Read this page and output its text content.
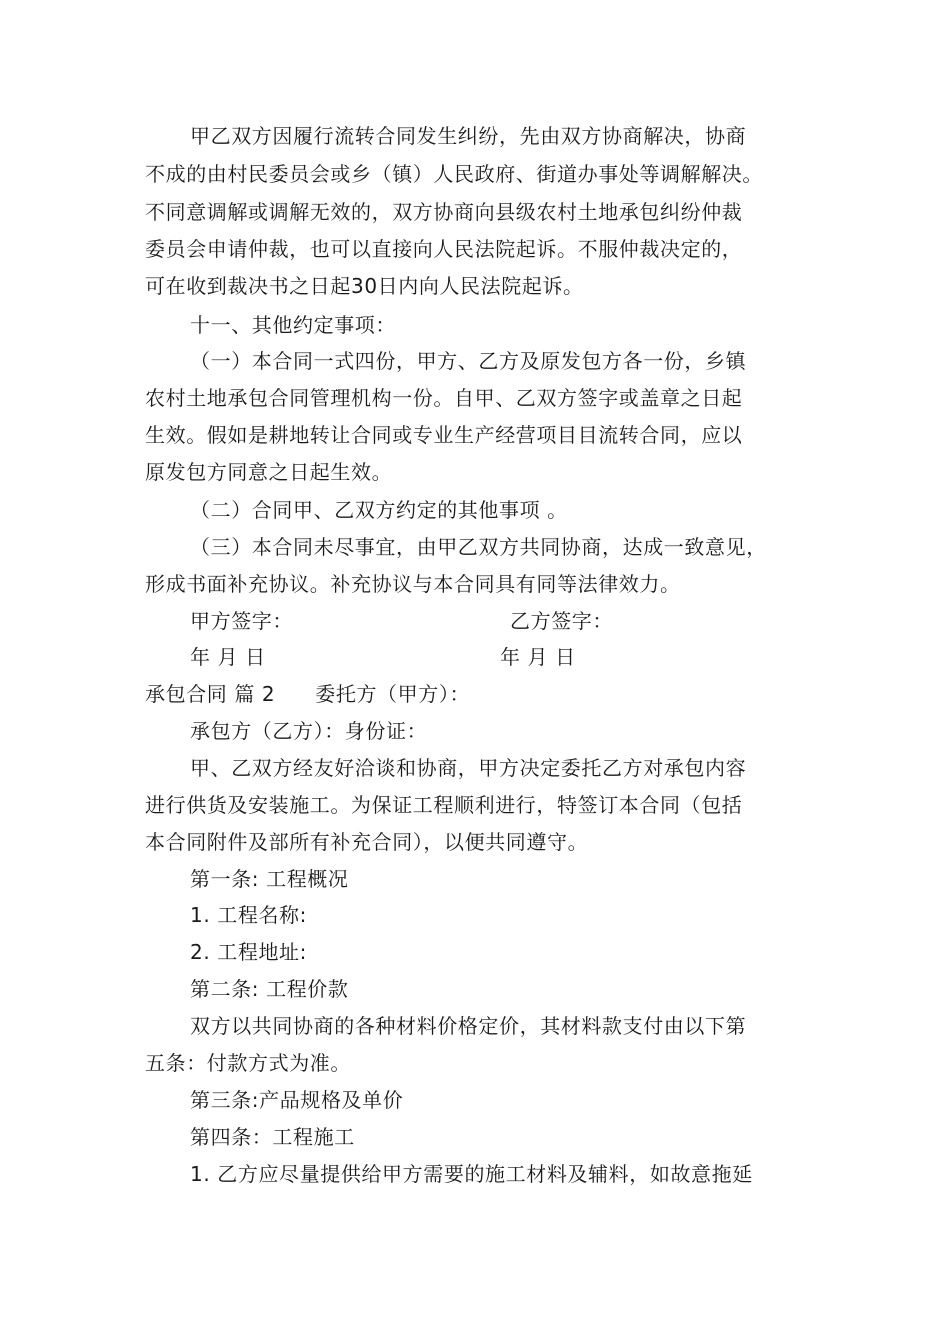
甲乙双方因履行流转合同发生纠纷，先由双方协商解决，协商
不成的由村民委员会或乡（镇）人民政府、街道办事处等调解解决。
不同意调解或调解无效的，双方协商向县级农村土地承包纠纷仲裁
委员会申请仲裁，也可以直接向人民法院起诉。不服仲裁决定的，
可在收到裁决书之日起30日内向人民法院起诉。
十一、其他约定事项：
（一）本合同一式四份，甲方、乙方及原发包方各一份，乡镇
农村土地承包合同管理机构一份。自甲、乙双方签字或盖章之日起
生效。假如是耕地转让合同或专业生产经营项目目流转合同，应以
原发包方同意之日起生效。
（二）合同甲、乙双方约定的其他事项 。
（三）本合同未尽事宜，由甲乙双方共同协商，达成一致意见，
形成书面补充协议。补充协议与本合同具有同等法律效力。
甲方签字：	乙方签字：
年 月 日	年 月 日
承包合同 篇 2 委托方（甲方）：
承包方（乙方）：身份证：
甲、乙双方经友好洽谈和协商，甲方决定委托乙方对承包内容
进行供货及安装施工。为保证工程顺利进行，特签订本合同（包括
本合同附件及部所有补充合同），以便共同遵守。
第一条: 工程概况
1. 工程名称:
2. 工程地址:
第二条: 工程价款
双方以共同协商的各种材料价格定价，其材料款支付由以下第
五条：付款方式为准。
第三条:产品规格及单价
第四条：工程施工
1. 乙方应尽量提供给甲方需要的施工材料及辅料，如故意拖延
